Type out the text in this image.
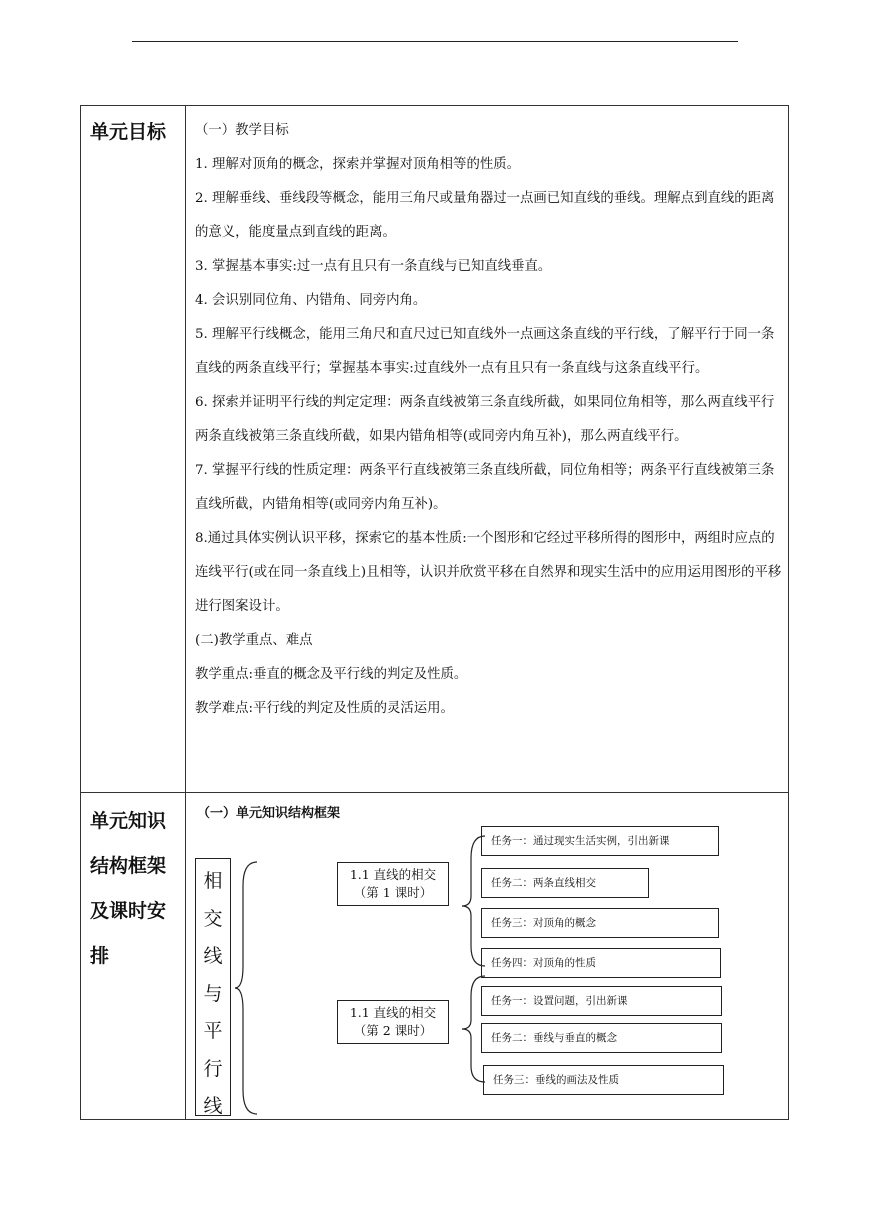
单元目标	（一）教学目标

1. 理解对顶角的概念，探索并掌握对顶角相等的性质。

2. 理解垂线、垂线段等概念，能用三角尺或量角器过一点画已知直线的垂线。理解点到直线的距离的意义，能度量点到直线的距离。

3. 掌握基本事实:过一点有且只有一条直线与已知直线垂直。

4. 会识别同位角、内错角、同旁内角。

5. 理解平行线概念，能用三角尺和直尺过已知直线外一点画这条直线的平行线，了解平行于同一条直线的两条直线平行；掌握基本事实:过直线外一点有且只有一条直线与这条直线平行。

6. 探索并证明平行线的判定定理：两条直线被第三条直线所截，如果同位角相等，那么两直线平行两条直线被第三条直线所截，如果内错角相等(或同旁内角互补)，那么两直线平行。

7. 掌握平行线的性质定理：两条平行直线被第三条直线所截，同位角相等；两条平行直线被第三条直线所截，内错角相等(或同旁内角互补)。

8.通过具体实例认识平移，探索它的基本性质:一个图形和它经过平移所得的图形中，两组时应点的连线平行(或在同一条直线上)且相等，认识并欣赏平移在自然界和现实生活中的应用运用图形的平移进行图案设计。

(二)教学重点、难点

教学重点:垂直的概念及平行线的判定及性质。

教学难点:平行线的判定及性质的灵活运用。

单元知识
结构框架
及课时安
排
（一）单元知识结构框架
相
交
线
与
平
行
线
1.1 直线的相交
（第 1 课时）
1.1 直线的相交
（第 2 课时）
任务一：通过现实生活实例，引出新课
任务二：两条直线相交
任务三：对顶角的概念
任务四：对顶角的性质
任务一：设置问题，引出新课
任务二：垂线与垂直的概念
任务三：垂线的画法及性质
